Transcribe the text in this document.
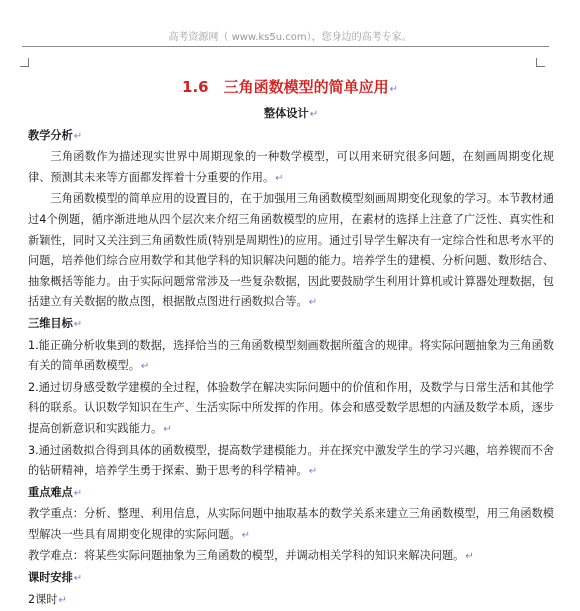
高考资源网（ www.ks5u.com），您身边的高考专家。
1.6　三角函数模型的简单应用↵

整体设计↵

教学分析↵

三角函数作为描述现实世界中周期现象的一种数学模型，可以用来研究很多问题，在刻画周期变化规律、预测其未来等方面都发挥着十分重要的作用。↵

三角函数模型的简单应用的设置目的，在于加强用三角函数模型刻画周期变化现象的学习。本节教材通过4个例题，循序渐进地从四个层次来介绍三角函数模型的应用，在素材的选择上注意了广泛性、真实性和新颖性，同时又关注到三角函数性质(特别是周期性)的应用。通过引导学生解决有一定综合性和思考水平的问题，培养他们综合应用数学和其他学科的知识解决问题的能力。培养学生的建模、分析问题、数形结合、抽象概括等能力。由于实际问题常常涉及一些复杂数据，因此要鼓励学生利用计算机或计算器处理数据，包括建立有关数据的散点图，根据散点图进行函数拟合等。↵

三维目标↵

1.能正确分析收集到的数据，选择恰当的三角函数模型刻画数据所蕴含的规律。将实际问题抽象为三角函数有关的简单函数模型。↵

2.通过切身感受数学建模的全过程，体验数学在解决实际问题中的价值和作用，及数学与日常生活和其他学科的联系。认识数学知识在生产、生活实际中所发挥的作用。体会和感受数学思想的内涵及数学本质，逐步提高创新意识和实践能力。↵

3.通过函数拟合得到具体的函数模型，提高数学建模能力。并在探究中激发学生的学习兴趣，培养锲而不舍的钻研精神，培养学生勇于探索、勤于思考的科学精神。↵

重点难点↵

教学重点：分析、整理、利用信息，从实际问题中抽取基本的数学关系来建立三角函数模型，用三角函数模型解决一些具有周期变化规律的实际问题。↵

教学难点：将某些实际问题抽象为三角函数的模型，并调动相关学科的知识来解决问题。↵

课时安排↵

2课时↵
